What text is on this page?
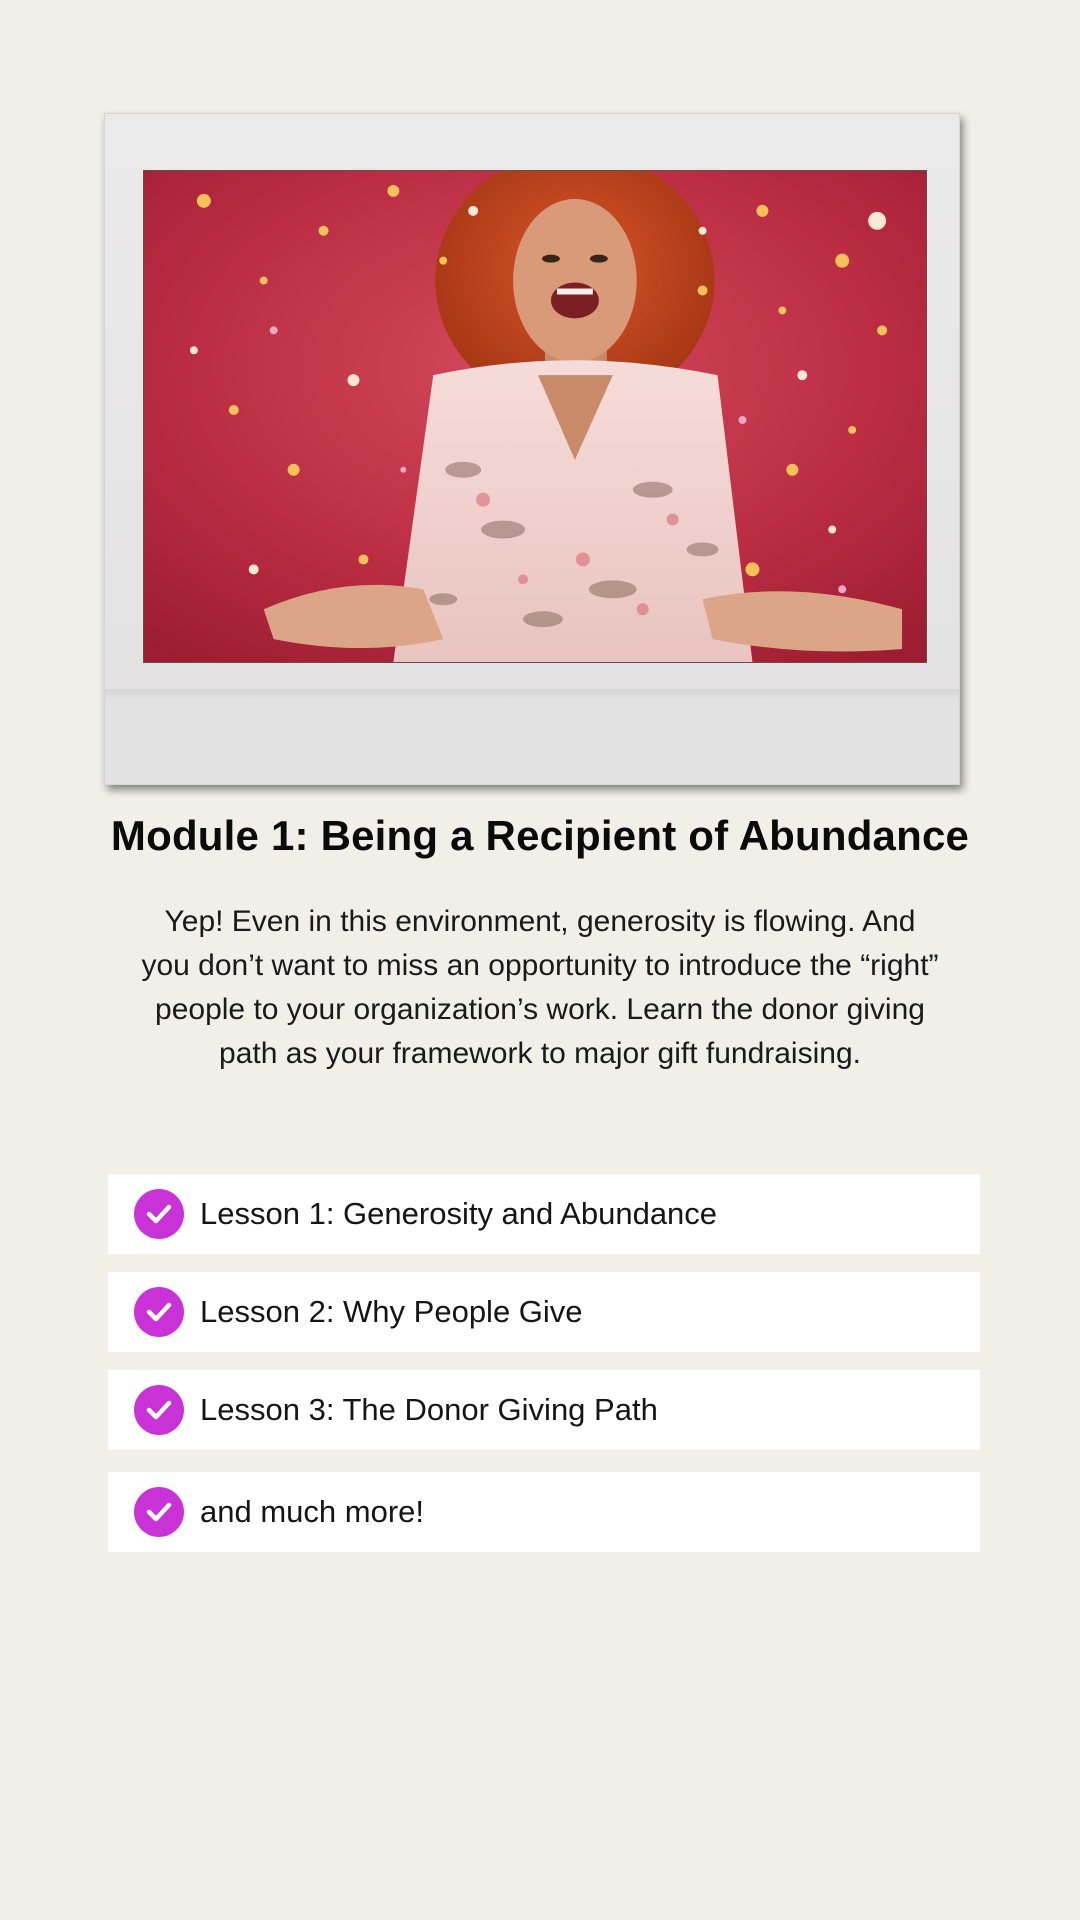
Module 1: Being a Recipient of Abundance

Yep! Even in this environment, generosity is flowing. And you don’t want to miss an opportunity to introduce the “right” people to your organization’s work. Learn the donor giving path as your framework to major gift fundraising.

Lesson 1: Generosity and Abundance
Lesson 2: Why People Give
Lesson 3: The Donor Giving Path
and much more!
